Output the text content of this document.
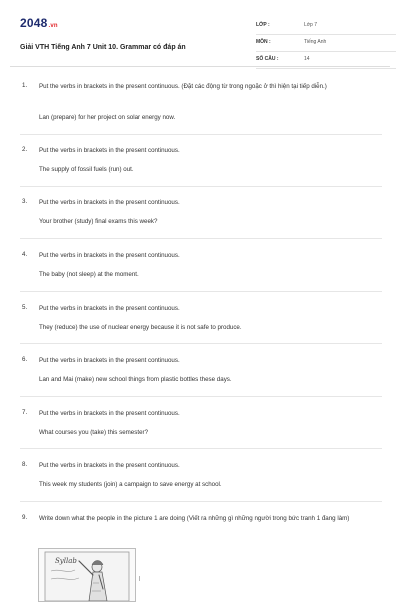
2048.vn
Giải VTH Tiếng Anh 7 Unit 10. Grammar có đáp án
LỚP :	Lớp 7
MÔN :	Tiếng Anh
SỐ CÂU :	14
1. Put the verbs in brackets in the present continuous. (Đặt các động từ trong ngoặc ở thì hiện tại tiếp diễn.)
Lan (prepare) for her project on solar energy now.
2. Put the verbs in brackets in the present continuous.
The supply of fossil fuels (run) out.
3. Put the verbs in brackets in the present continuous.
Your brother (study) final exams this week?
4. Put the verbs in brackets in the present continuous.
The baby (not sleep) at the moment.
5. Put the verbs in brackets in the present continuous.
They (reduce) the use of nuclear energy because it is not safe to produce.
6. Put the verbs in brackets in the present continuous.
Lan and Mai (make) new school things from plastic bottles these days.
7. Put the verbs in brackets in the present continuous.
What courses you (take) this semester?
8. Put the verbs in brackets in the present continuous.
This week my students (join) a campaign to save energy at school.
9. Write down what the people in the picture 1 are doing (Viết ra những gì những người trong bức tranh 1 đang làm)
Syllab
|
